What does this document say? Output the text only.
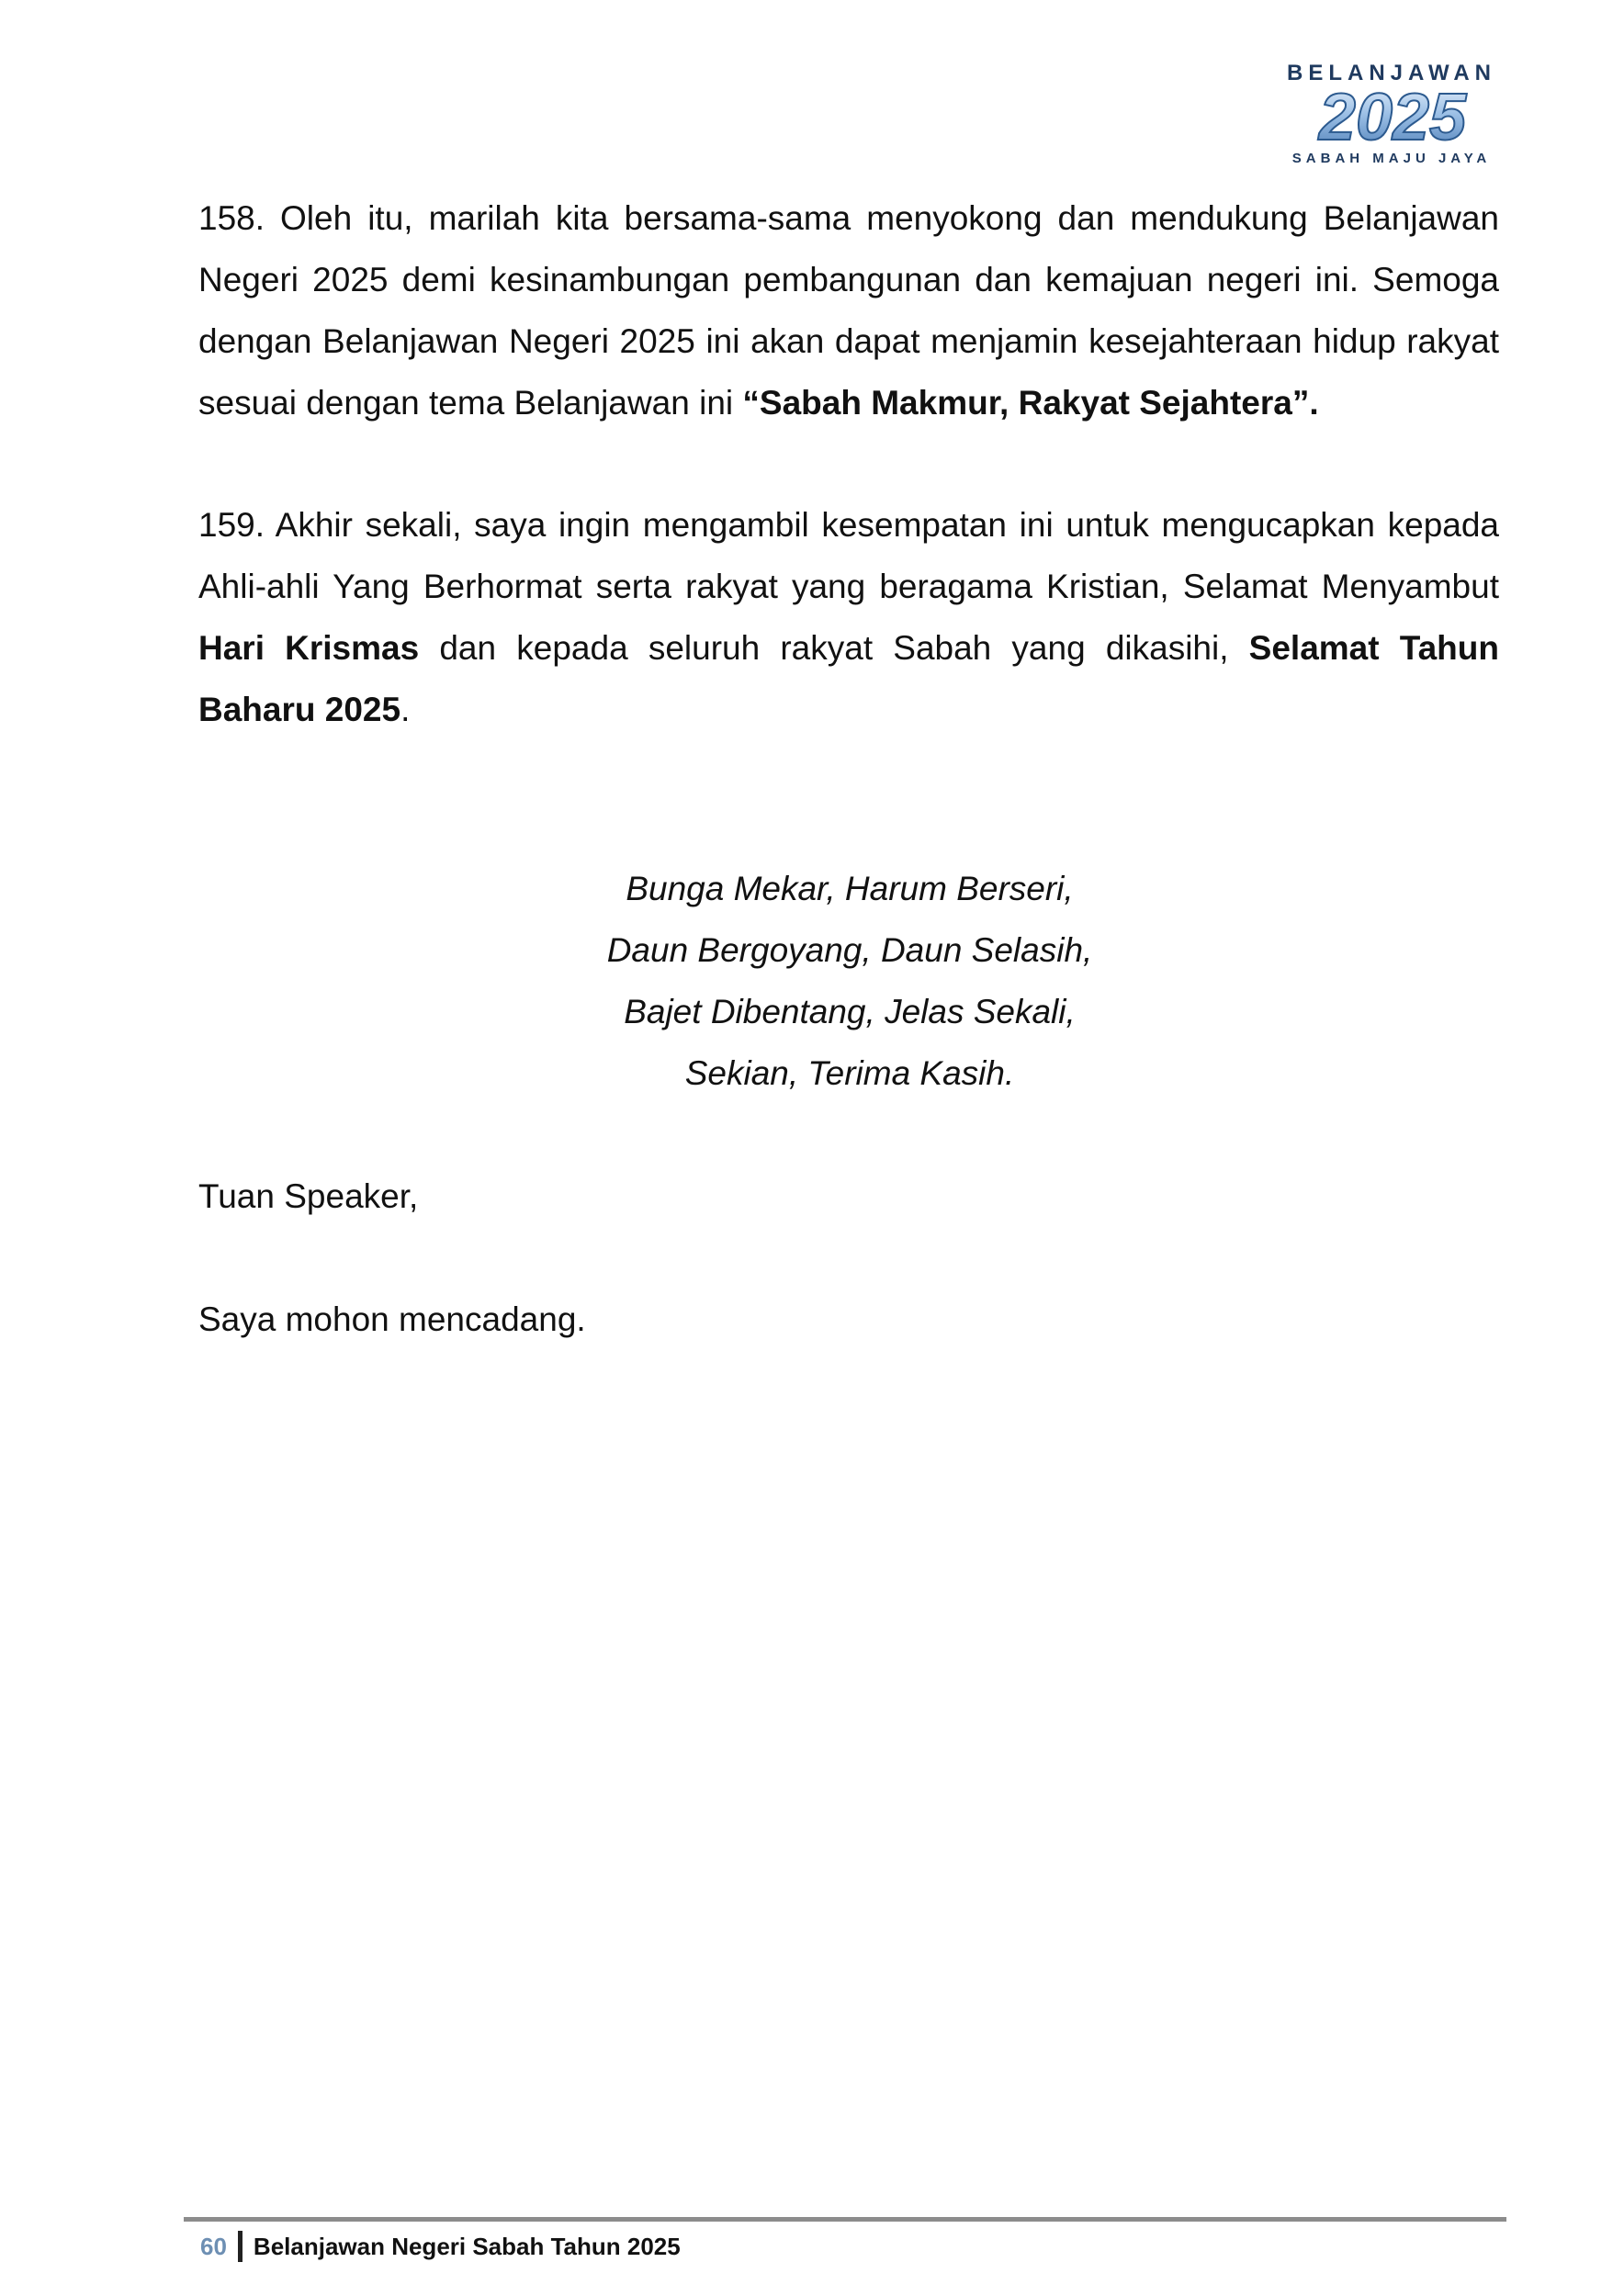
BELANJAWAN
2025
SABAH MAJU JAYA

158. Oleh itu, marilah kita bersama-sama menyokong dan mendukung Belanjawan Negeri 2025 demi kesinambungan pembangunan dan kemajuan negeri ini. Semoga dengan Belanjawan Negeri 2025 ini akan dapat menjamin kesejahteraan hidup rakyat sesuai dengan tema Belanjawan ini “Sabah Makmur, Rakyat Sejahtera”.

159. Akhir sekali, saya ingin mengambil kesempatan ini untuk mengucapkan kepada Ahli-ahli Yang Berhormat serta rakyat yang beragama Kristian, Selamat Menyambut Hari Krismas dan kepada seluruh rakyat Sabah yang dikasihi, Selamat Tahun Baharu 2025.

Bunga Mekar, Harum Berseri,
Daun Bergoyang, Daun Selasih,
Bajet Dibentang, Jelas Sekali,
Sekian, Terima Kasih.
Tuan Speaker,
Saya mohon mencadang.
60	Belanjawan Negeri Sabah Tahun 2025
